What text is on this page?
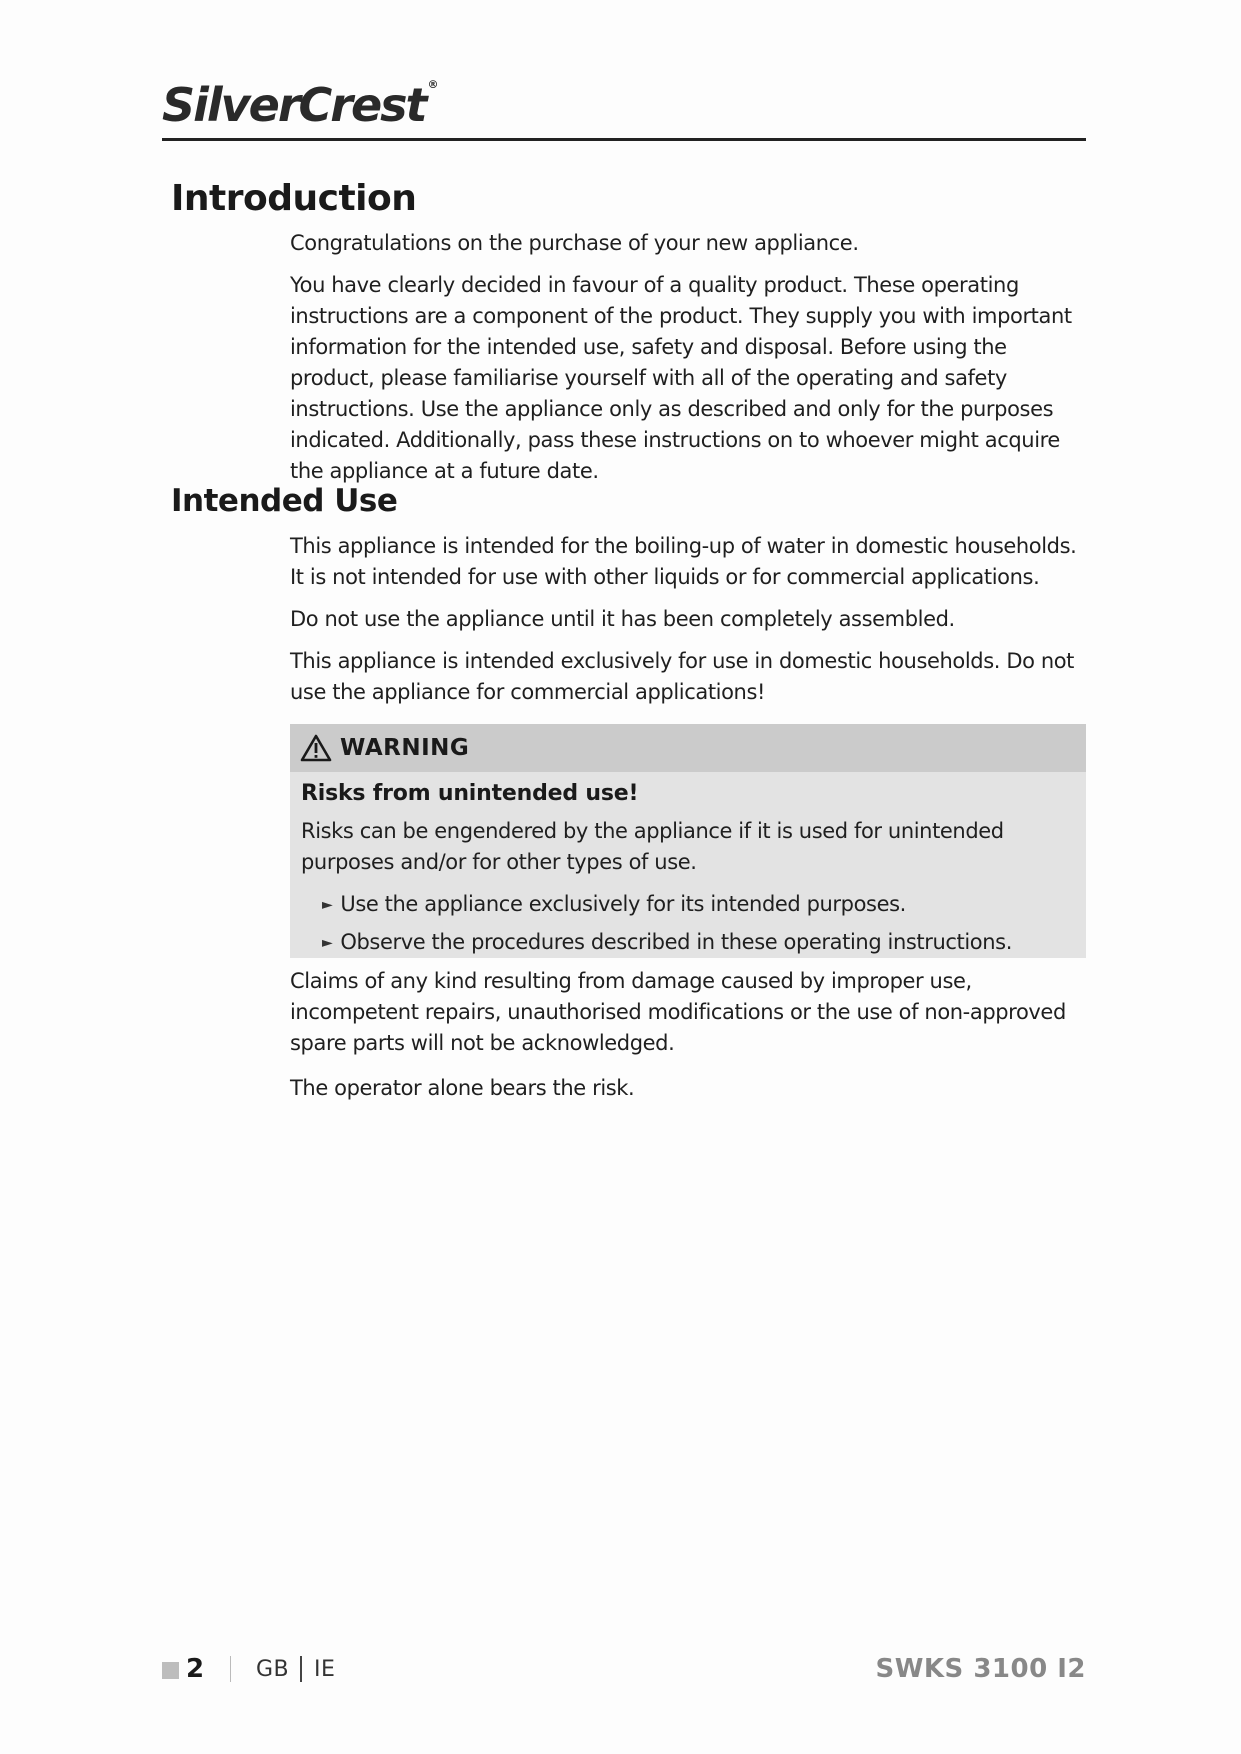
SilverCrest ®
Introduction

Congratulations on the purchase of your new appliance.

You have clearly decided in favour of a quality product. These operating instructions are a component of the product. They supply you with important information for the intended use, safety and disposal. Before using the product, please familiarise yourself with all of the operating and safety instructions. Use the appliance only as described and only for the purposes indicated. Additionally, pass these instructions on to whoever might acquire the appliance at a future date.

Intended Use

This appliance is intended for the boiling-up of water in domestic households. It is not intended for use with other liquids or for commercial applications.

Do not use the appliance until it has been completely assembled.

This appliance is intended exclusively for use in domestic households. Do not use the appliance for commercial applications!

WARNING

Risks from unintended use!

Risks can be engendered by the appliance if it is used for unintended purposes and/or for other types of use.

► Use the appliance exclusively for its intended purposes.
► Observe the procedures described in these operating instructions.

Claims of any kind resulting from damage caused by improper use, incompetent repairs, unauthorised modifications or the use of non-approved spare parts will not be acknowledged.

The operator alone bears the risk.

2 GB IE	SWKS 3100 I2
